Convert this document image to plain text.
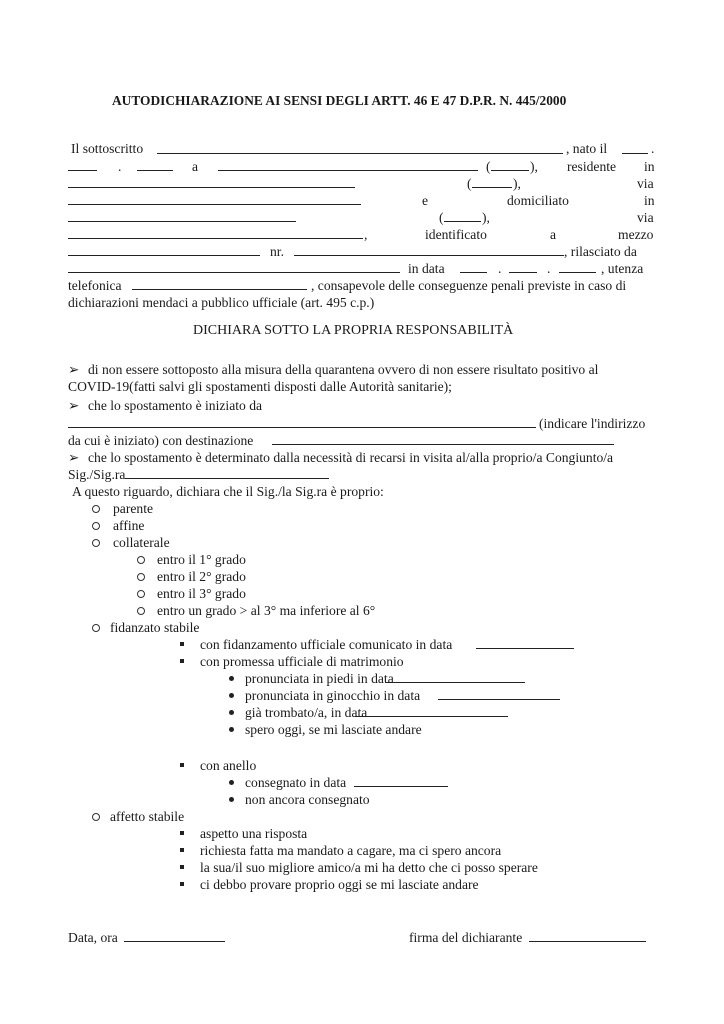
AUTODICHIARAZIONE AI SENSI DEGLI ARTT. 46 E 47 D.P.R. N. 445/2000
Il sottoscritto	, nato il	.
.	a	(	), residente in
(	),	via
e	domiciliato	in
(	),	via
,	identificato	a	mezzo
nr.	, rilasciato da
in data	.	.	, utenza
telefonica	, consapevole delle conseguenze penali previste in caso di
dichiarazioni mendaci a pubblico ufficiale (art. 495 c.p.)
DICHIARA SOTTO LA PROPRIA RESPONSABILITÀ
➢ di non essere sottoposto alla misura della quarantena ovvero di non essere risultato positivo al
COVID-19(fatti salvi gli spostamenti disposti dalle Autorità sanitarie);
➢ che lo spostamento è iniziato da
(indicare l'indirizzo
da cui è iniziato) con destinazione
➢ che lo spostamento è determinato dalla necessità di recarsi in visita al/alla proprio/a Congiunto/a
Sig./Sig.ra
A questo riguardo, dichiara che il Sig./la Sig.ra è proprio:
parente
affine
collaterale
entro il 1° grado
entro il 2° grado
entro il 3° grado
entro un grado > al 3° ma inferiore al 6°
fidanzato stabile
con fidanzamento ufficiale comunicato in data
con promessa ufficiale di matrimonio
pronunciata in piedi in data
pronunciata in ginocchio in data
già trombato/a, in data
spero oggi, se mi lasciate andare
con anello
consegnato in data
non ancora consegnato
affetto stabile
aspetto una risposta
richiesta fatta ma mandato a cagare, ma ci spero ancora
la sua/il suo migliore amico/a mi ha detto che ci posso sperare
ci debbo provare proprio oggi se mi lasciate andare
Data, ora	firma del dichiarante
